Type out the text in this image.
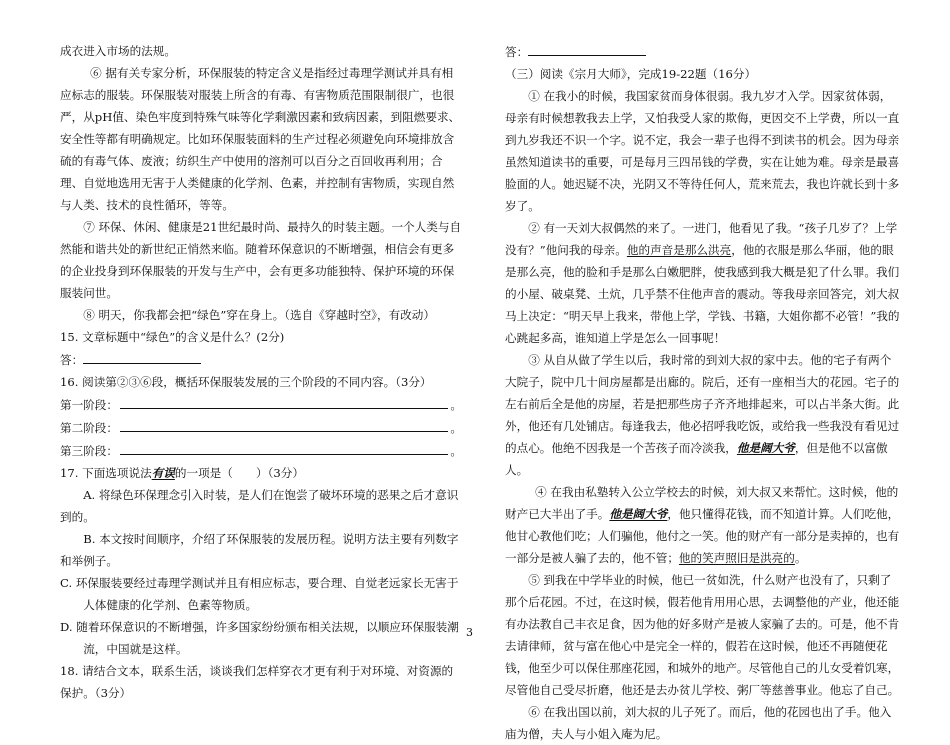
成衣进入市场的法规。

⑥ 据有关专家分析，环保服装的特定含义是指经过毒理学测试并具有相应标志的服装。环保服装对服装上所含的有毒、有害物质范围限制很广，也很严，从pH值、染色牢度到特殊气味等化学剩激因素和致病因素，到阻燃要求、安全性等都有明确规定。比如环保服装面料的生产过程必须避免向环境排放含硫的有毒气体、废液；纺织生产中使用的溶剂可以百分之百回收再利用；合理、自觉地选用无害于人类健康的化学剂、色素，并控制有害物质，实现自然与人类、技术的良性循环，等等。

⑦ 环保、休闲、健康是21世纪最时尚、最持久的时装主题。一个人类与自然能和谐共处的新世纪正悄然来临。随着环保意识的不断增强，相信会有更多的企业投身到环保服装的开发与生产中，会有更多功能独特、保护环境的环保服装问世。

⑧ 明天，你我都会把“绿色”穿在身上。（选自《穿越时空》，有改动）

15. 文章标题中“绿色”的含义是什么？(2分)

答：

16. 阅读第②③⑥段，概括环保服装发展的三个阶段的不同内容。（3分）

第一阶段：	。
第二阶段：	。
第三阶段：	。

17. 下面选项说法有误的一项是（　　）（3分）

A. 将绿色环保理念引入时装，是人们在饱尝了破坏环境的恶果之后才意识到的。

B. 本文按时间顺序，介绍了环保服装的发展历程。说明方法主要有列数字和举例子。

C. 环保服装要经过毒理学测试并且有相应标志，要合理、自觉老远家长无害于人体健康的化学剂、色素等物质。

D. 随着环保意识的不断增强，许多国家纷纷颁布相关法规，以顺应环保服装潮流，中国就是这样。

18. 请结合文本，联系生活，谈谈我们怎样穿衣才更有利于对环境、对资源的保护。（3分）

答：

（三）阅读《宗月大师》，完成19-22题（16分）

① 在我小的时候，我国家贫而身体很弱。我九岁才入学。因家贫体弱，母亲有时候想教我去上学，又怕我受人家的欺侮，更因交不上学费，所以一直到九岁我还不识一个字。说不定，我会一辈子也得不到读书的机会。因为母亲虽然知道读书的重要，可是每月三四吊钱的学费，实在让她为难。母亲是最喜脸面的人。她迟疑不决，光阴又不等待任何人，荒来荒去，我也许就长到十多岁了。

② 有一天刘大叔偶然的来了。一进门，他看见了我。“孩子几岁了？上学没有？”他问我的母亲。他的声音是那么洪亮，他的衣服是那么华丽，他的眼是那么亮，他的脸和手是那么白嫩肥胖，使我感到我大概是犯了什么罪。我们的小屋、破桌凳、土炕，几乎禁不住他声音的震动。等我母亲回答完，刘大叔马上决定：“明天早上我来，带他上学，学钱、书籍，大姐你都不必管！”我的心跳起多高，谁知道上学是怎么一回事呢！

③ 从自从做了学生以后，我时常的到刘大叔的家中去。他的宅子有两个大院子，院中几十间房屋都是出廊的。院后，还有一座相当大的花园。宅子的左右前后全是他的房屋，若是把那些房子齐齐地排起来，可以占半条大街。此外，他还有几处铺店。每逢我去，他必招呼我吃饭，或给我一些我没有看见过的点心。他绝不因我是一个苦孩子而冷淡我，他是阔大爷，但是他不以富傲人。

④ 在我由私塾转入公立学校去的时候，刘大叔又来帮忙。这时候，他的财产已大半出了手。他是阔大爷，他只懂得花钱，而不知道计算。人们吃他，他甘心教他们吃；人们骗他，他付之一笑。他的财产有一部分是卖掉的，也有一部分是被人骗了去的，他不管；他的笑声照旧是洪亮的。

⑤ 到我在中学毕业的时候，他已一贫如洗，什么财产也没有了，只剩了那个后花园。不过，在这时候，假若他肯用用心思，去调整他的产业，他还能有办法教自己丰衣足食，因为他的好多财产是被人家骗了去的。可是，他不肯去请律师，贫与富在他心中是完全一样的，假若在这时候，他还不再随便花钱，他至少可以保住那座花园，和城外的地产。尽管他自己的儿女受着饥寒，尽管他自己受尽折磨，他还是去办贫儿学校、粥厂等慈善事业。他忘了自己。

⑥ 在我出国以前，刘大叔的儿子死了。而后，他的花园也出了手。他入庙为僧，夫人与小姐入庵为尼。

3
